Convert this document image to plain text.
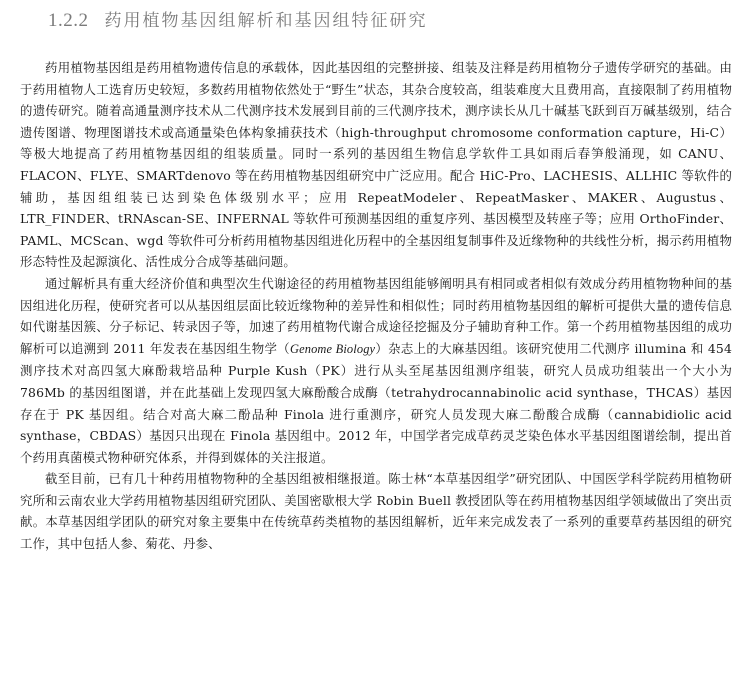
1.2.2 药用植物基因组解析和基因组特征研究

药用植物基因组是药用植物遗传信息的承载体，因此基因组的完整拼接、组装及注释是药用植物分子遗传学研究的基础。由于药用植物人工选育历史较短，多数药用植物依然处于“野生”状态，其杂合度较高，组装难度大且费用高，直接限制了药用植物的遗传研究。随着高通量测序技术从二代测序技术发展到目前的三代测序技术，测序读长从几十碱基飞跃到百万碱基级别，结合遗传图谱、物理图谱技术或高通量染色体构象捕获技术（high-throughput chromosome conformation capture，Hi-C）等极大地提高了药用植物基因组的组装质量。同时一系列的基因组生物信息学软件工具如雨后春笋般涌现，如 CANU、FLACON、FLYE、SMARTdenovo 等在药用植物基因组研究中广泛应用。配合 HiC-Pro、LACHESIS、ALLHIC 等软件的辅助，基因组组装已达到染色体级别水平；应用 RepeatModeler、RepeatMasker、MAKER、Augustus、LTR_FINDER、tRNAscan-SE、INFERNAL 等软件可预测基因组的重复序列、基因模型及转座子等；应用 OrthoFinder、PAML、MCScan、wgd 等软件可分析药用植物基因组进化历程中的全基因组复制事件及近缘物种的共线性分析，揭示药用植物形态特性及起源演化、活性成分合成等基础问题。

通过解析具有重大经济价值和典型次生代谢途径的药用植物基因组能够阐明具有相同或者相似有效成分药用植物物种间的基因组进化历程，使研究者可以从基因组层面比较近缘物种的差异性和相似性；同时药用植物基因组的解析可提供大量的遗传信息如代谢基因簇、分子标记、转录因子等，加速了药用植物代谢合成途径挖掘及分子辅助育种工作。第一个药用植物基因组的成功解析可以追溯到 2011 年发表在基因组生物学（Genome Biology）杂志上的大麻基因组。该研究使用二代测序 illumina 和 454 测序技术对高四氢大麻酚栽培品种 Purple Kush（PK）进行从头至尾基因组测序组装，研究人员成功组装出一个大小为 786Mb 的基因组图谱，并在此基础上发现四氢大麻酚酸合成酶（tetrahydrocannabinolic acid synthase，THCAS）基因存在于 PK 基因组。结合对高大麻二酚品种 Finola 进行重测序，研究人员发现大麻二酚酸合成酶（cannabidiolic acid synthase，CBDAS）基因只出现在 Finola 基因组中。2012 年，中国学者完成草药灵芝染色体水平基因组图谱绘制，提出首个药用真菌模式物种研究体系，并得到媒体的关注报道。

截至目前，已有几十种药用植物物种的全基因组被相继报道。陈士林“本草基因组学”研究团队、中国医学科学院药用植物研究所和云南农业大学药用植物基因组研究团队、美国密歇根大学 Robin Buell 教授团队等在药用植物基因组学领域做出了突出贡献。本草基因组学团队的研究对象主要集中在传统草药类植物的基因组解析，近年来完成发表了一系列的重要草药基因组的研究工作，其中包括人参、菊花、丹参、
